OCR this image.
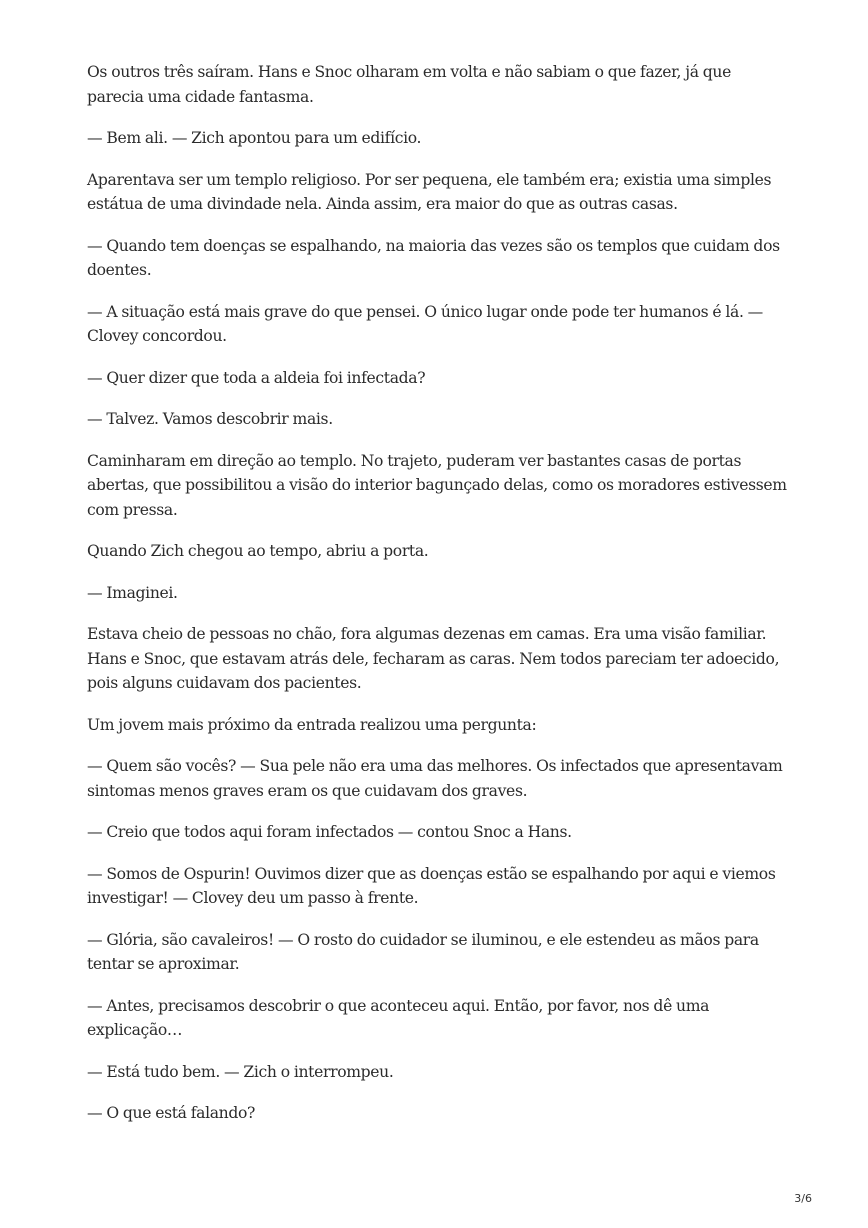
Os outros três saíram. Hans e Snoc olharam em volta e não sabiam o que fazer, já que parecia uma cidade fantasma.

— Bem ali. — Zich apontou para um edifício.

Aparentava ser um templo religioso. Por ser pequena, ele também era; existia uma simples estátua de uma divindade nela. Ainda assim, era maior do que as outras casas.

— Quando tem doenças se espalhando, na maioria das vezes são os templos que cuidam dos doentes.

— A situação está mais grave do que pensei. O único lugar onde pode ter humanos é lá. — Clovey concordou.

— Quer dizer que toda a aldeia foi infectada?

— Talvez. Vamos descobrir mais.

Caminharam em direção ao templo. No trajeto, puderam ver bastantes casas de portas abertas, que possibilitou a visão do interior bagunçado delas, como os moradores estivessem com pressa.

Quando Zich chegou ao tempo, abriu a porta.

— Imaginei.

Estava cheio de pessoas no chão, fora algumas dezenas em camas. Era uma visão familiar. Hans e Snoc, que estavam atrás dele, fecharam as caras. Nem todos pareciam ter adoecido, pois alguns cuidavam dos pacientes.

Um jovem mais próximo da entrada realizou uma pergunta:

— Quem são vocês? — Sua pele não era uma das melhores. Os infectados que apresentavam sintomas menos graves eram os que cuidavam dos graves.

— Creio que todos aqui foram infectados — contou Snoc a Hans.

— Somos de Ospurin! Ouvimos dizer que as doenças estão se espalhando por aqui e viemos investigar! — Clovey deu um passo à frente.

— Glória, são cavaleiros! — O rosto do cuidador se iluminou, e ele estendeu as mãos para tentar se aproximar.

— Antes, precisamos descobrir o que aconteceu aqui. Então, por favor, nos dê uma explicação…

— Está tudo bem. — Zich o interrompeu.

— O que está falando?

3/6
